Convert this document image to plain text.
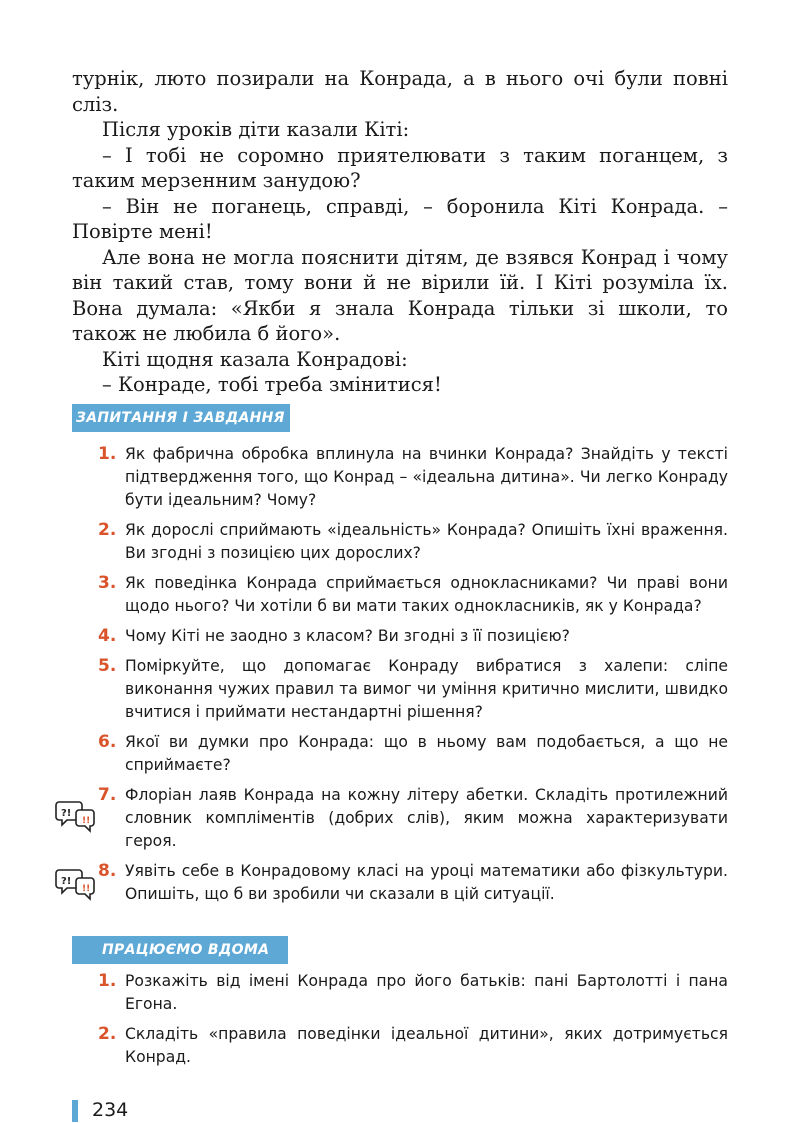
турнік, люто позирали на Конрада, а в нього очі були повні сліз.

Після уроків діти казали Кіті:

– І тобі не соромно приятелювати з таким поганцем, з таким мерзенним занудою?

– Він не поганець, справді, – боронила Кіті Конрада. – Повірте мені!

Але вона не могла пояснити дітям, де взявся Конрад і чому він такий став, тому вони й не вірили їй. І Кіті розуміла їх. Вона думала: «Якби я знала Конрада тільки зі школи, то також не любила б його».

Кіті щодня казала Конрадові:

– Конраде, тобі треба змінитися!

ЗАПИТАННЯ І ЗАВДАННЯ
1. Як фабрична обробка вплинула на вчинки Конрада? Знайдіть у тексті підтвердження того, що Конрад – «ідеальна дитина». Чи легко Конраду бути ідеальним? Чому?
2. Як дорослі сприймають «ідеальність» Конрада? Опишіть їхні враження. Ви згодні з позицією цих дорослих?
3. Як поведінка Конрада сприймається однокласниками? Чи праві вони щодо нього? Чи хотіли б ви мати таких однокласників, як у Конрада?
4. Чому Кіті не заодно з класом? Ви згодні з її позицією?
5. Поміркуйте, що допомагає Конраду вибратися з халепи: сліпе виконання чужих правил та вимог чи уміння критично мислити, швидко вчитися і приймати нестандартні рішення?
6. Якої ви думки про Конрада: що в ньому вам подобається, а що не сприймаєте?
7. Флоріан лаяв Конрада на кожну літеру абетки. Складіть протилежний словник компліментів (добрих слів), яким можна характеризувати героя.
8. Уявіть себе в Конрадовому класі на уроці математики або фізкультури. Опишіть, що б ви зробили чи сказали в цій ситуації.
?!
!!
?!
!!
ПРАЦЮЄМО ВДОМА
1. Розкажіть від імені Конрада про його батьків: пані Бартолотті і пана Егона.
2. Складіть «правила поведінки ідеальної дитини», яких дотримується Конрад.
234
